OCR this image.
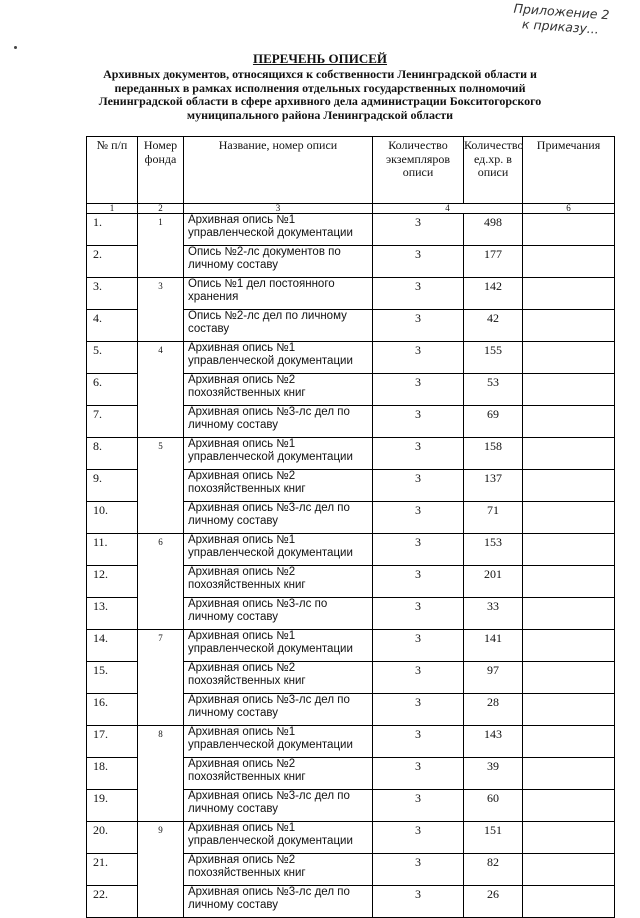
Приложение 2
к приказу...
ПЕРЕЧЕНЬ ОПИСЕЙ
Архивных документов, относящихся к собственности Ленинградской области и переданных в рамках исполнения отдельных государственных полномочий Ленинградской области в сфере архивного дела администрации Бокситогорского муниципального района Ленинградской области
№ п/п	Номер фонда	Название, номер описи	Количество экземпляров описи	Количество ед.хр. в описи	Примечания
1	2	3	4		6
1.	1	Архивная опись №1 управленческой документации	3	498	
2.		Опись №2-лс документов по личному составу	3	177	
3.	3	Опись №1 дел постоянного хранения	3	142	
4.		Опись №2-лс дел по личному составу	3	42	
5.	4	Архивная опись №1 управленческой документации	3	155	
6.		Архивная опись №2 похозяйственных книг	3	53	
7.		Архивная опись №3-лс дел по личному составу	3	69	
8.	5	Архивная опись №1 управленческой документации	3	158	
9.		Архивная опись №2 похозяйственных книг	3	137	
10.		Архивная опись №3-лс дел по личному составу	3	71	
11.	6	Архивная опись №1 управленческой документации	3	153	
12.		Архивная опись №2 похозяйственных книг	3	201	
13.		Архивная опись №3-лс по личному составу	3	33	
14.	7	Архивная опись №1 управленческой документации	3	141	
15.		Архивная опись №2 похозяйственных книг	3	97	
16.		Архивная опись №3-лс дел по личному составу	3	28	
17.	8	Архивная опись №1 управленческой документации	3	143	
18.		Архивная опись №2 похозяйственных книг	3	39	
19.		Архивная опись №3-лс дел по личному составу	3	60	
20.	9	Архивная опись №1 управленческой документации	3	151	
21.		Архивная опись №2 похозяйственных книг	3	82	
22.		Архивная опись №3-лс дел по личному составу	3	26	
